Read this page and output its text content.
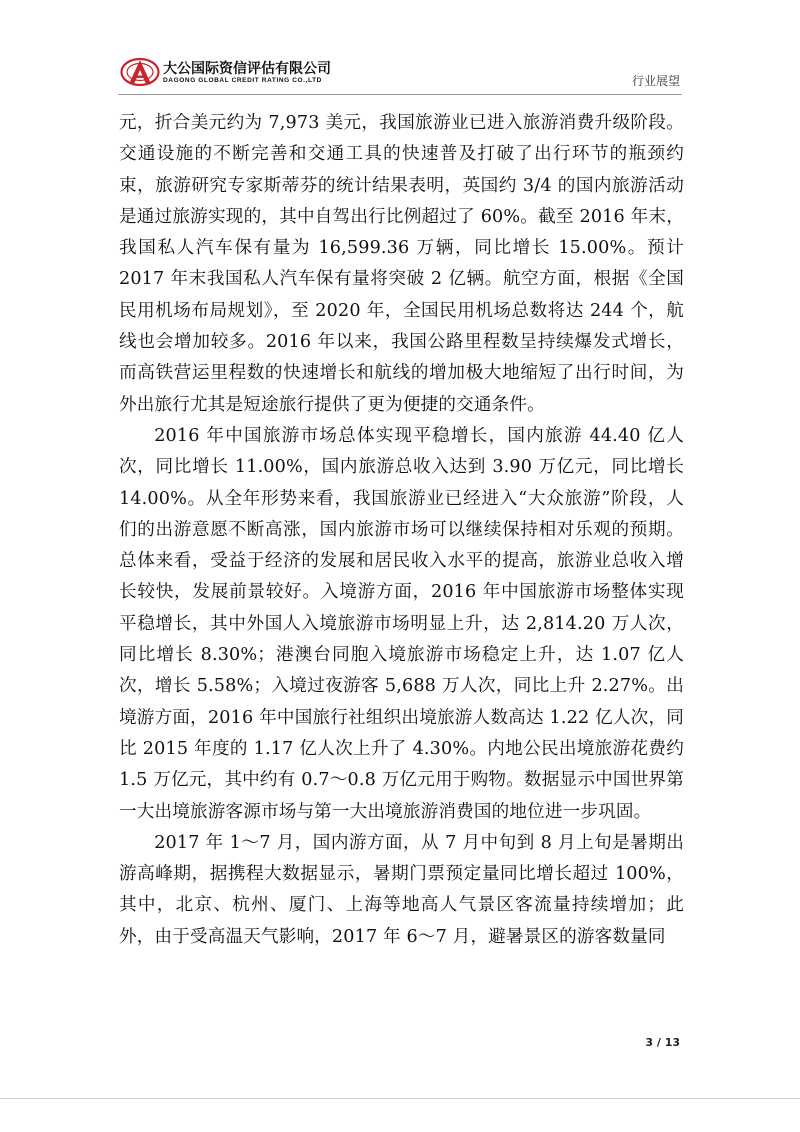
大公国际资信评估有限公司
DAGONG GLOBAL CREDIT RATING CO.,LTD	行业展望

元，折合美元约为 7,973 美元，我国旅游业已进入旅游消费升级阶段。交通设施的不断完善和交通工具的快速普及打破了出行环节的瓶颈约束，旅游研究专家斯蒂芬的统计结果表明，英国约 3/4 的国内旅游活动是通过旅游实现的，其中自驾出行比例超过了 60%。截至 2016 年末，我国私人汽车保有量为 16,599.36 万辆，同比增长 15.00%。预计 2017 年末我国私人汽车保有量将突破 2 亿辆。航空方面，根据《全国民用机场布局规划》，至 2020 年，全国民用机场总数将达 244 个，航线也会增加较多。2016 年以来，我国公路里程数呈持续爆发式增长，而高铁营运里程数的快速增长和航线的增加极大地缩短了出行时间，为外出旅行尤其是短途旅行提供了更为便捷的交通条件。

2016 年中国旅游市场总体实现平稳增长，国内旅游 44.40 亿人次，同比增长 11.00%，国内旅游总收入达到 3.90 万亿元，同比增长 14.00%。从全年形势来看，我国旅游业已经进入“大众旅游”阶段，人们的出游意愿不断高涨，国内旅游市场可以继续保持相对乐观的预期。总体来看，受益于经济的发展和居民收入水平的提高，旅游业总收入增长较快，发展前景较好。入境游方面，2016 年中国旅游市场整体实现平稳增长，其中外国人入境旅游市场明显上升，达 2,814.20 万人次，同比增长 8.30%；港澳台同胞入境旅游市场稳定上升，达 1.07 亿人次，增长 5.58%；入境过夜游客 5,688 万人次，同比上升 2.27%。出境游方面，2016 年中国旅行社组织出境旅游人数高达 1.22 亿人次，同比 2015 年度的 1.17 亿人次上升了 4.30%。内地公民出境旅游花费约 1.5 万亿元，其中约有 0.7～0.8 万亿元用于购物。数据显示中国世界第一大出境旅游客源市场与第一大出境旅游消费国的地位进一步巩固。

2017 年 1～7 月，国内游方面，从 7 月中旬到 8 月上旬是暑期出游高峰期，据携程大数据显示，暑期门票预定量同比增长超过 100%，其中，北京、杭州、厦门、上海等地高人气景区客流量持续增加；此外，由于受高温天气影响，2017 年 6～7 月，避暑景区的游客数量同

3 / 13
